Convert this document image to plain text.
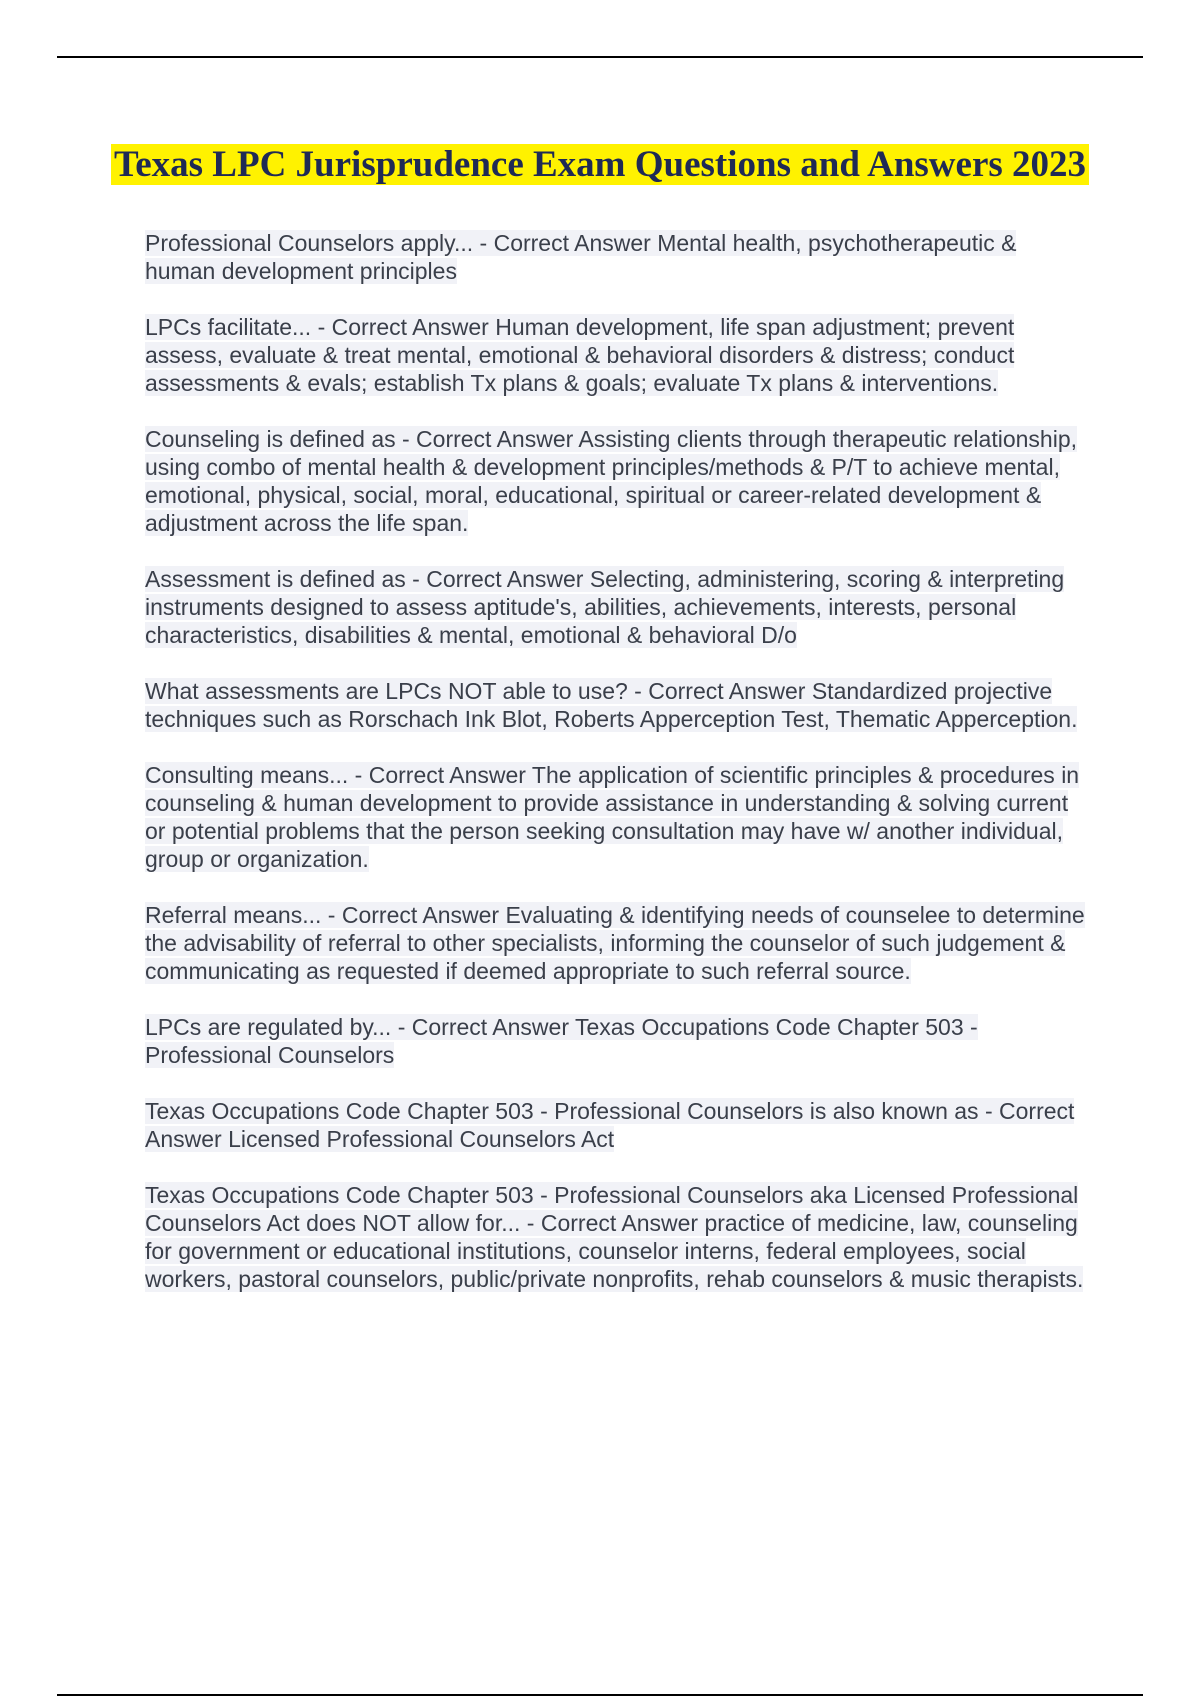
Texas LPC Jurisprudence Exam Questions and Answers 2023
Professional Counselors apply... - Correct Answer Mental health, psychotherapeutic & human development principles
LPCs facilitate... - Correct Answer Human development, life span adjustment; prevent assess, evaluate & treat mental, emotional & behavioral disorders & distress; conduct assessments & evals; establish Tx plans & goals; evaluate Tx plans & interventions.
Counseling is defined as - Correct Answer Assisting clients through therapeutic relationship, using combo of mental health & development principles/methods & P/T to achieve mental, emotional, physical, social, moral, educational, spiritual or career-related development & adjustment across the life span.
Assessment is defined as - Correct Answer Selecting, administering, scoring & interpreting instruments designed to assess aptitude's, abilities, achievements, interests, personal characteristics, disabilities & mental, emotional & behavioral D/o
What assessments are LPCs NOT able to use? - Correct Answer Standardized projective techniques such as Rorschach Ink Blot, Roberts Apperception Test, Thematic Apperception.
Consulting means... - Correct Answer The application of scientific principles & procedures in counseling & human development to provide assistance in understanding & solving current or potential problems that the person seeking consultation may have w/ another individual, group or organization.
Referral means... - Correct Answer Evaluating & identifying needs of counselee to determine the advisability of referral to other specialists, informing the counselor of such judgement & communicating as requested if deemed appropriate to such referral source.
LPCs are regulated by... - Correct Answer Texas Occupations Code Chapter 503 - Professional Counselors
Texas Occupations Code Chapter 503 - Professional Counselors is also known as - Correct Answer Licensed Professional Counselors Act
Texas Occupations Code Chapter 503 - Professional Counselors aka Licensed Professional Counselors Act does NOT allow for... - Correct Answer practice of medicine, law, counseling for government or educational institutions, counselor interns, federal employees, social workers, pastoral counselors, public/private nonprofits, rehab counselors & music therapists.
